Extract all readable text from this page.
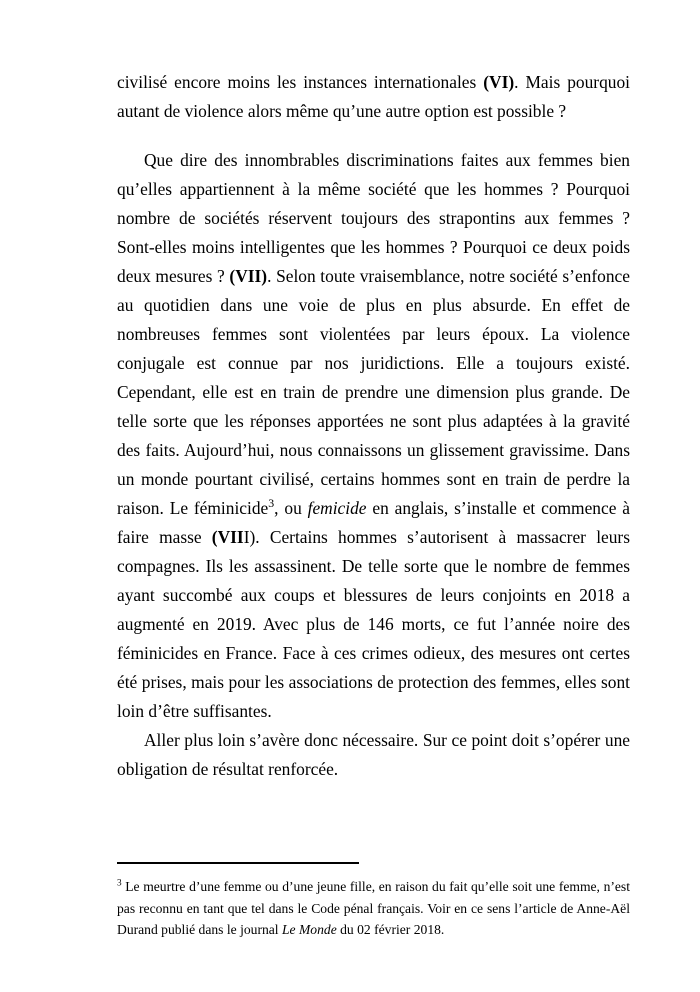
civilisé encore moins les instances internationales (VI). Mais pourquoi autant de violence alors même qu’une autre option est possible ?

Que dire des innombrables discriminations faites aux femmes bien qu’elles appartiennent à la même société que les hommes ? Pourquoi nombre de sociétés réservent toujours des strapontins aux femmes ? Sont-elles moins intelligentes que les hommes ? Pourquoi ce deux poids deux mesures ? (VII). Selon toute vraisemblance, notre société s’enfonce au quotidien dans une voie de plus en plus absurde. En effet de nombreuses femmes sont violentées par leurs époux. La violence conjugale est connue par nos juridictions. Elle a toujours existé. Cependant, elle est en train de prendre une dimension plus grande. De telle sorte que les réponses apportées ne sont plus adaptées à la gravité des faits. Aujourd’hui, nous connaissons un glissement gravissime. Dans un monde pourtant civilisé, certains hommes sont en train de perdre la raison. Le féminicide$^3$, ou femicide en anglais, s’installe et commence à faire masse (VIII). Certains hommes s’autorisent à massacrer leurs compagnes. Ils les assassinent. De telle sorte que le nombre de femmes ayant succombé aux coups et blessures de leurs conjoints en 2018 a augmenté en 2019. Avec plus de 146 morts, ce fut l’année noire des féminicides en France. Face à ces crimes odieux, des mesures ont certes été prises, mais pour les associations de protection des femmes, elles sont loin d’être suffisantes.

Aller plus loin s’avère donc nécessaire. Sur ce point doit s’opérer une obligation de résultat renforcée.

$^3$ Le meurtre d’une femme ou d’une jeune fille, en raison du fait qu’elle soit une femme, n’est pas reconnu en tant que tel dans le Code pénal français. Voir en ce sens l’article de Anne-Aël Durand publié dans le journal Le Monde du 02 février 2018.
